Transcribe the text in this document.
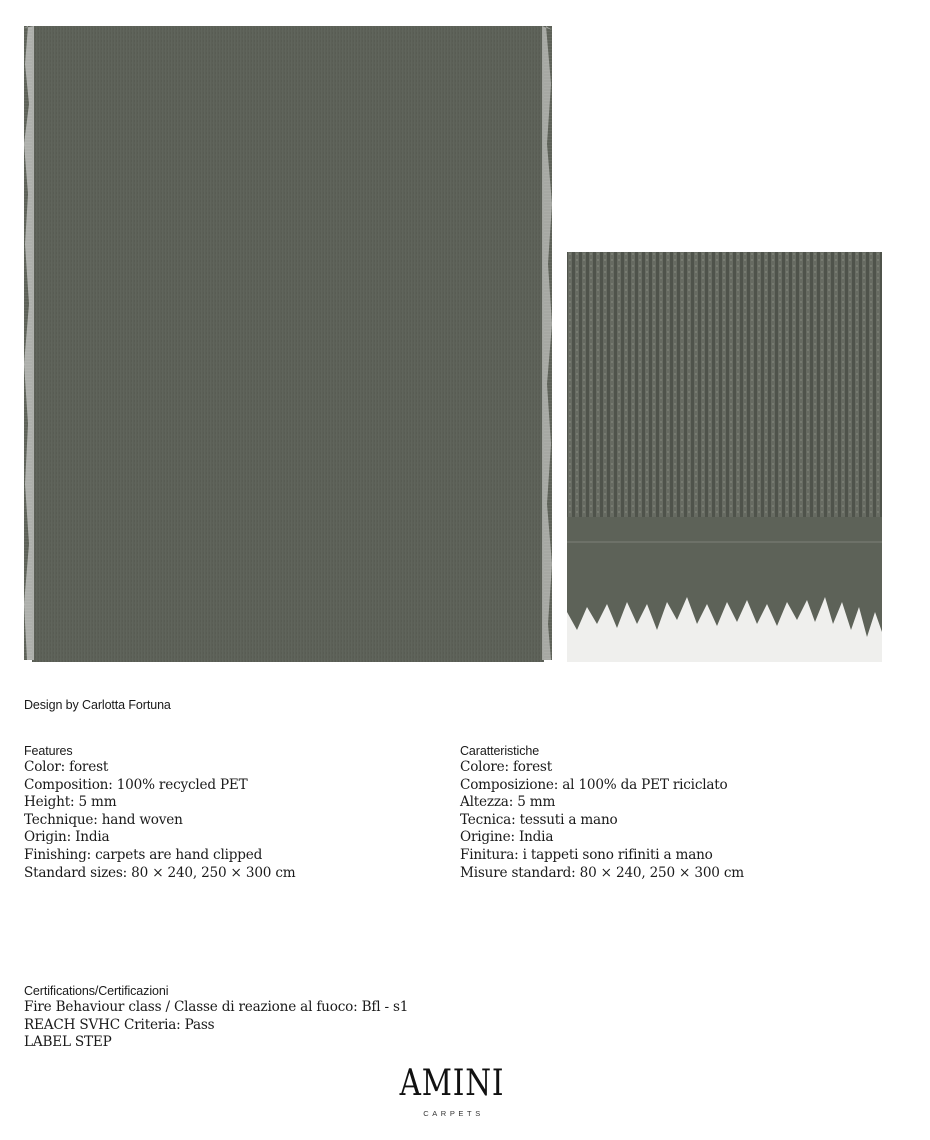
Design by Carlotta Fortuna
Features
Color: forest
Composition: 100% recycled PET
Height: 5 mm
Technique: hand woven
Origin: India
Finishing: carpets are hand clipped
Standard sizes: 80 × 240, 250 × 300 cm
Caratteristiche
Colore: forest
Composizione: al 100% da PET riciclato
Altezza: 5 mm
Tecnica: tessuti a mano
Origine: India
Finitura: i tappeti sono rifiniti a mano
Misure standard: 80 × 240, 250 × 300 cm
Certifications/Certificazioni
Fire Behaviour class / Classe di reazione al fuoco: Bfl - s1
REACH SVHC Criteria: Pass
LABEL STEP
AMINI
CARPETS
